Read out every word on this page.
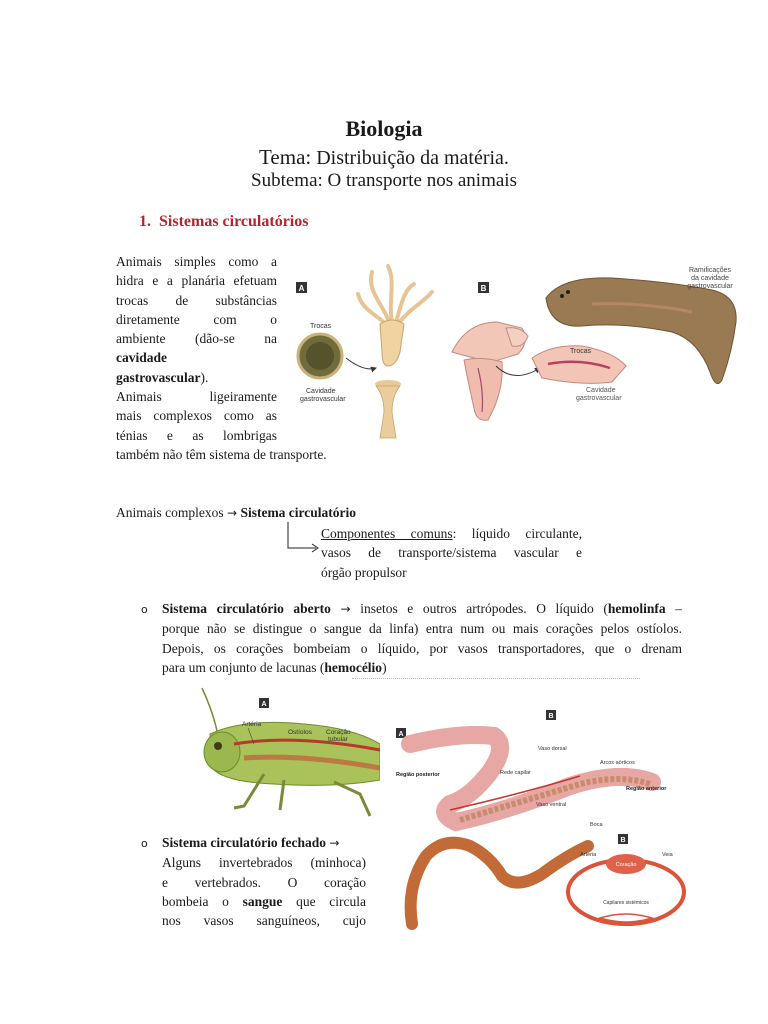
Biologia
Tema: Distribuição da matéria.
Subtema: O transporte nos animais
1. Sistemas circulatórios
Animais simples como a
hidra e a planária efetuam
trocas de substâncias
diretamente com o
ambiente (dão-se na
cavidade
gastrovascular).
Animais ligeiramente
mais complexos como as
ténias e as lombrigas
também não têm sistema de transporte.
A
Trocas
Cavidade
gastrovascular
B
Trocas
Cavidade
gastrovascular
Ramificações
da cavidade
gastrovascular
Animais complexos → Sistema circulatório
Componentes comuns: líquido circulante,
vasos de transporte/sistema vascular e
órgão propulsor
o Sistema circulatório aberto → insetos e outros artrópodes. O líquido (hemolinfa –
porque não se distingue o sangue da linfa) entra num ou mais corações pelos ostíolos.
Depois, os corações bombeiam o líquido, por vasos transportadores, que o drenam
para um conjunto de lacunas (hemocélio)
A
Artéria
Ostíolos Coração
tubular
A
B
Região posterior
Vaso dorsal
Arcos aórticos
Rede capilar
Região anterior
Vaso ventral
Boca
B
Artéria
Coração
Veia
Capilares sistémicos
o Sistema circulatório fechado →
Alguns invertebrados (minhoca)
e vertebrados. O coração
bombeia o sangue que circula
nos vasos sanguíneos, cujo
